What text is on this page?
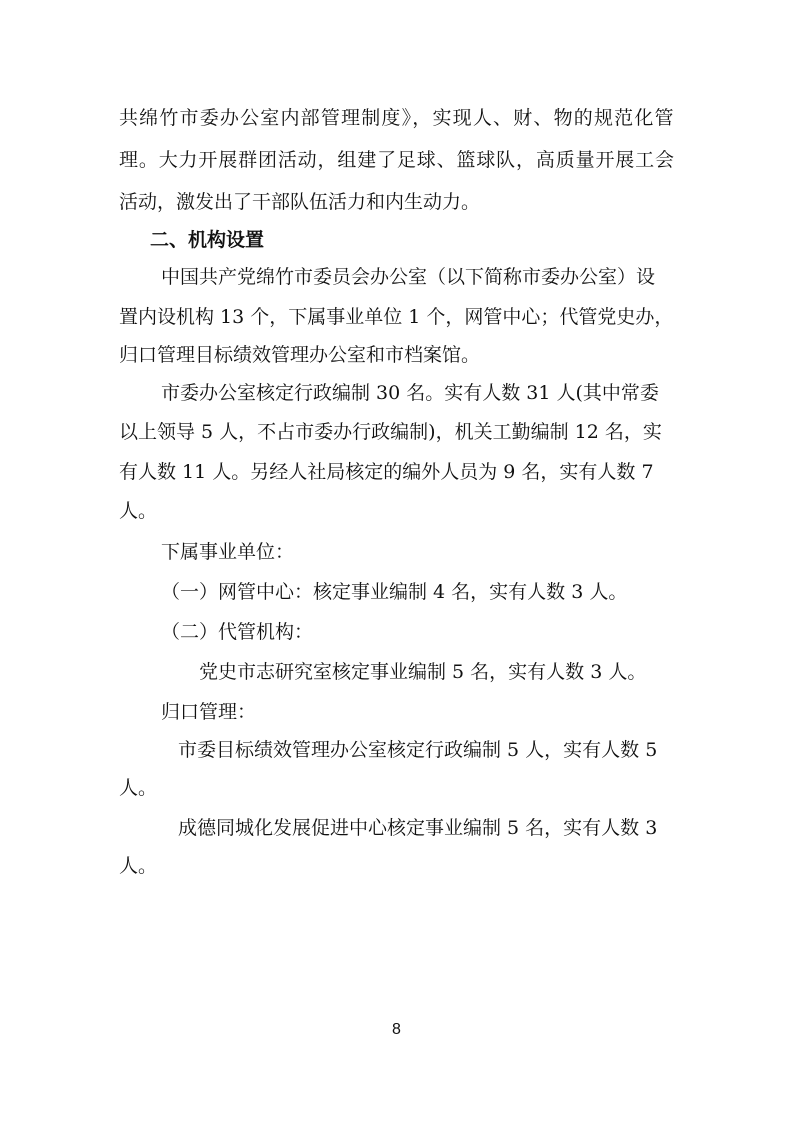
共绵竹市委办公室内部管理制度》，实现人、财、物的规范化管
理。大力开展群团活动，组建了足球、篮球队，高质量开展工会
活动，激发出了干部队伍活力和内生动力。
二、机构设置
中国共产党绵竹市委员会办公室（以下简称市委办公室）设
置内设机构 13 个，下属事业单位 1 个，网管中心；代管党史办，
归口管理目标绩效管理办公室和市档案馆。
市委办公室核定行政编制 30 名。实有人数 31 人(其中常委
以上领导 5 人，不占市委办行政编制)，机关工勤编制 12 名，实
有人数 11 人。另经人社局核定的编外人员为 9 名，实有人数 7
人。
下属事业单位：
（一）网管中心：核定事业编制 4 名，实有人数 3 人。
（二）代管机构：
党史市志研究室核定事业编制 5 名，实有人数 3 人。
归口管理：
市委目标绩效管理办公室核定行政编制 5 人，实有人数 5
人。
成德同城化发展促进中心核定事业编制 5 名，实有人数 3
人。
8
